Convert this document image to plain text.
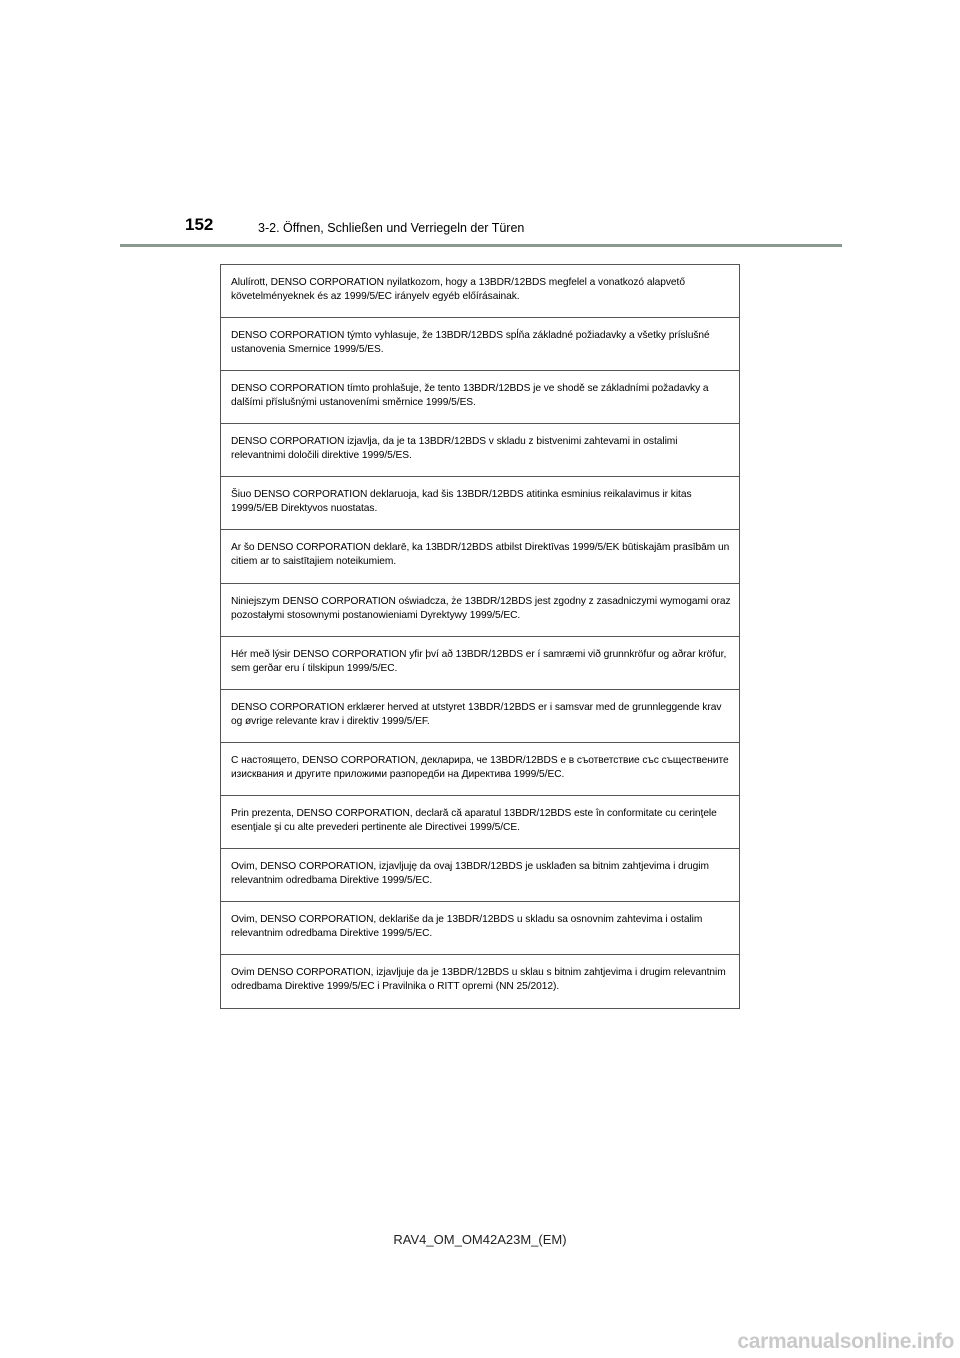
152	3-2. Öffnen, Schließen und Verriegeln der Türen
Alulírott, DENSO CORPORATION nyilatkozom, hogy a 13BDR/12BDS megfelel a vonatkozó alapvető követelményeknek és az 1999/5/EC irányelv egyéb előírásainak.
DENSO CORPORATION týmto vyhlasuje, že 13BDR/12BDS spĺňa základné požiadavky a všetky príslušné ustanovenia Smernice 1999/5/ES.
DENSO CORPORATION tímto prohlašuje, že tento 13BDR/12BDS je ve shodě se základními požadavky a dalšími příslušnými ustanoveními směrnice 1999/5/ES.
DENSO CORPORATION izjavlja, da je ta 13BDR/12BDS v skladu z bistvenimi zahtevami in ostalimi relevantnimi določili direktive 1999/5/ES.
Šiuo DENSO CORPORATION deklaruoja, kad šis 13BDR/12BDS atitinka esminius reikalavimus ir kitas 1999/5/EB Direktyvos nuostatas.
Ar šo DENSO CORPORATION deklarē, ka 13BDR/12BDS atbilst Direktīvas 1999/5/EK būtiskajām prasībām un citiem ar to saistītajiem noteikumiem.
Niniejszym DENSO CORPORATION oświadcza, że 13BDR/12BDS jest zgodny z zasadniczymi wymogami oraz pozostałymi stosownymi postanowieniami Dyrektywy 1999/5/EC.
Hér með lýsir DENSO CORPORATION yfir því að 13BDR/12BDS er í samræmi við grunnkröfur og aðrar kröfur, sem gerðar eru í tilskipun 1999/5/EC.
DENSO CORPORATION erklærer herved at utstyret 13BDR/12BDS er i samsvar med de grunnleggende krav og øvrige relevante krav i direktiv 1999/5/EF.
С настоящето, DENSO CORPORATION, декларира, че 13BDR/12BDS е в съответствие със съществените изисквания и другите приложими разпоредби на Директива 1999/5/ЕС.
Prin prezenta, DENSO CORPORATION, declară că aparatul 13BDR/12BDS este în conformitate cu cerinţele esenţiale şi cu alte prevederi pertinente ale Directivei 1999/5/CE.
Ovim, DENSO CORPORATION, izjavljuję da ovaj 13BDR/12BDS je usklađen sa bitnim zahtjevima i drugim relevantnim odredbama Direktive 1999/5/EC.
Ovim, DENSO CORPORATION, deklariše da je 13BDR/12BDS u skladu sa osnovnim zahtevima i ostalim relevantnim odredbama Direktive 1999/5/EC.
Ovim DENSO CORPORATION, izjavljuje da je 13BDR/12BDS u sklau s bitnim zahtjevima i drugim relevantnim odredbama Direktive 1999/5/EC i Pravilnika o RITT opremi (NN 25/2012).
RAV4_OM_OM42A23M_(EM)
carmanualsonline.info
